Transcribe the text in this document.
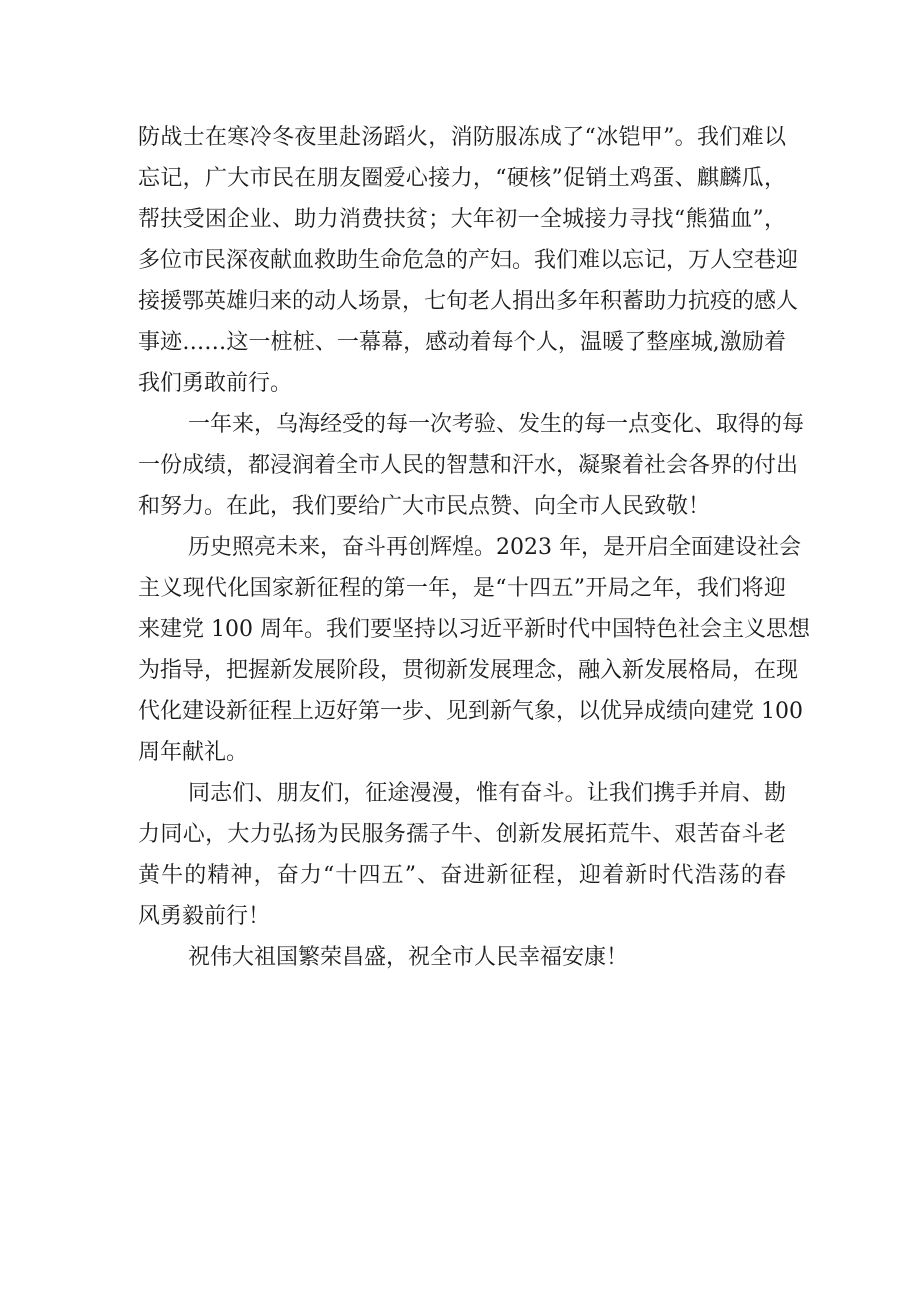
防战士在寒冷冬夜里赴汤蹈火，消防服冻成了“冰铠甲”。我们难以
忘记，广大市民在朋友圈爱心接力，“硬核”促销土鸡蛋、麒麟瓜，
帮扶受困企业、助力消费扶贫；大年初一全城接力寻找“熊猫血”，
多位市民深夜献血救助生命危急的产妇。我们难以忘记，万人空巷迎
接援鄂英雄归来的动人场景，七旬老人捐出多年积蓄助力抗疫的感人
事迹……这一桩桩、一幕幕，感动着每个人，温暖了整座城,激励着
我们勇敢前行。
一年来，乌海经受的每一次考验、发生的每一点变化、取得的每
一份成绩，都浸润着全市人民的智慧和汗水，凝聚着社会各界的付出
和努力。在此，我们要给广大市民点赞、向全市人民致敬！
历史照亮未来，奋斗再创辉煌。2023 年，是开启全面建设社会
主义现代化国家新征程的第一年，是“十四五”开局之年，我们将迎
来建党 100 周年。我们要坚持以习近平新时代中国特色社会主义思想
为指导，把握新发展阶段，贯彻新发展理念，融入新发展格局，在现
代化建设新征程上迈好第一步、见到新气象，以优异成绩向建党 100
周年献礼。
同志们、朋友们，征途漫漫，惟有奋斗。让我们携手并肩、勘
力同心，大力弘扬为民服务孺子牛、创新发展拓荒牛、艰苦奋斗老
黄牛的精神，奋力“十四五”、奋进新征程，迎着新时代浩荡的春
风勇毅前行！
祝伟大祖国繁荣昌盛，祝全市人民幸福安康！
